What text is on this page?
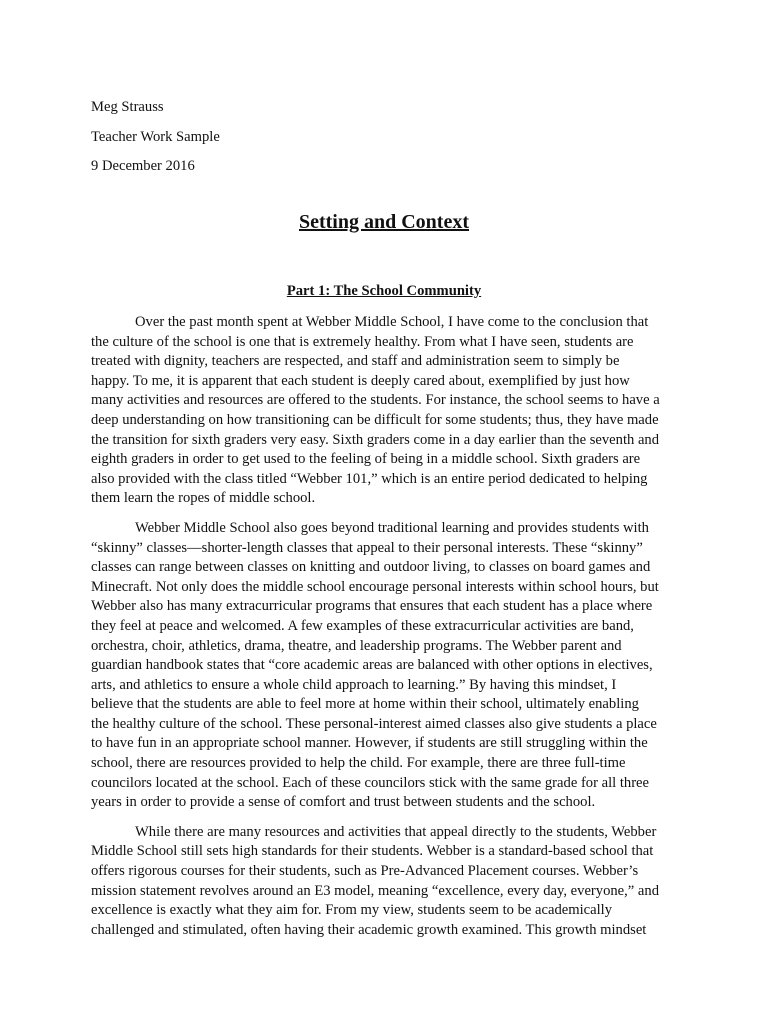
Meg Strauss
Teacher Work Sample
9 December 2016
Setting and Context
Part 1: The School Community
Over the past month spent at Webber Middle School, I have come to the conclusion that
the culture of the school is one that is extremely healthy. From what I have seen, students are
treated with dignity, teachers are respected, and staff and administration seem to simply be
happy. To me, it is apparent that each student is deeply cared about, exemplified by just how
many activities and resources are offered to the students. For instance, the school seems to have a
deep understanding on how transitioning can be difficult for some students; thus, they have made
the transition for sixth graders very easy. Sixth graders come in a day earlier than the seventh and
eighth graders in order to get used to the feeling of being in a middle school. Sixth graders are
also provided with the class titled “Webber 101,” which is an entire period dedicated to helping
them learn the ropes of middle school.
Webber Middle School also goes beyond traditional learning and provides students with
“skinny” classes—shorter-length classes that appeal to their personal interests. These “skinny”
classes can range between classes on knitting and outdoor living, to classes on board games and
Minecraft. Not only does the middle school encourage personal interests within school hours, but
Webber also has many extracurricular programs that ensures that each student has a place where
they feel at peace and welcomed. A few examples of these extracurricular activities are band,
orchestra, choir, athletics, drama, theatre, and leadership programs. The Webber parent and
guardian handbook states that “core academic areas are balanced with other options in electives,
arts, and athletics to ensure a whole child approach to learning.” By having this mindset, I
believe that the students are able to feel more at home within their school, ultimately enabling
the healthy culture of the school. These personal-interest aimed classes also give students a place
to have fun in an appropriate school manner. However, if students are still struggling within the
school, there are resources provided to help the child. For example, there are three full-time
councilors located at the school. Each of these councilors stick with the same grade for all three
years in order to provide a sense of comfort and trust between students and the school.
While there are many resources and activities that appeal directly to the students, Webber
Middle School still sets high standards for their students. Webber is a standard-based school that
offers rigorous courses for their students, such as Pre-Advanced Placement courses. Webber’s
mission statement revolves around an E3 model, meaning “excellence, every day, everyone,” and
excellence is exactly what they aim for. From my view, students seem to be academically
challenged and stimulated, often having their academic growth examined. This growth mindset
